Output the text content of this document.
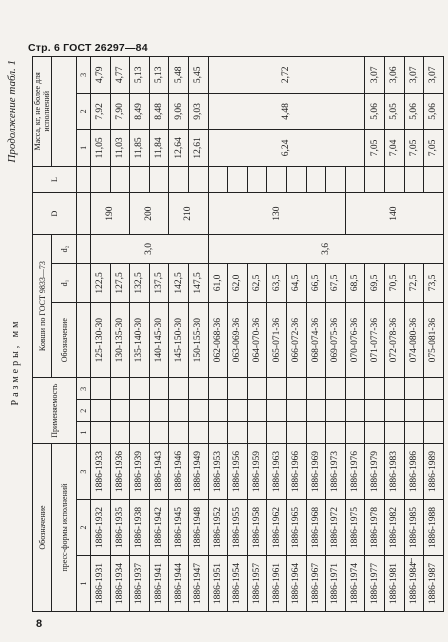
Стр. 6 ГОСТ 26297—84
8
Продолжение табл. 1
Размеры, мм
Обозначение			Применяемость			Ковши по ГОСТ 9833—73			D	L	Масса, кг, не более для исполнений		
пресс-формы исполнений						Обозначение	d₁	d₂					
1	2	3	1	2	3						1	2	3
1886-1931	1886-1932	1886-1933				125-130-30	122,5	3,0	190		11,05	7,92	4,79
1886-1934	1886-1935	1886-1936				130-135-30	127,5				11,03	7,90	4,77
1886-1937	1886-1938	1886-1939				135-140-30	132,5		200		11,85	8,49	5,13
1886-1941	1886-1942	1886-1943				140-145-30	137,5				11,84	8,48	5,13
1886-1944	1886-1945	1886-1946				145-150-30	142,5		210		12,64	9,06	5,48
1886-1947	1886-1948	1886-1949				150-155-30	147,5				12,61	9,03	5,45
1886-1951	1886-1952	1886-1953				062-068-36	61,0	3,6	130		6,24	4,48	2,72
1886-1954	1886-1955	1886-1956				063-069-36	62,0						
1886-1957	1886-1958	1886-1959				064-070-36	62,5						
1886-1961	1886-1962	1886-1963				065-071-36	63,5						
1886-1964	1886-1965	1886-1966				066-072-36	64,5						
1886-1967	1886-1968	1886-1969				068-074-36	66,5						
1886-1971	1886-1972	1886-1973				069-075-36	67,5						
1886-1974	1886-1975	1886-1976				070-076-36	68,5		140				
1886-1977	1886-1978	1886-1979				071-077-36	69,5				7,05	5,06	3,07
1886-1981	1886-1982	1886-1983				072-078-36	70,5				7,04	5,05	3,06
1886-1984	1886-1985	1886-1986				074-080-36	72,5				7,05	5,06	3,07
1886-1987	1886-1988	1886-1989				075-081-36	73,5				7,05	5,06	3,07
ɟ
